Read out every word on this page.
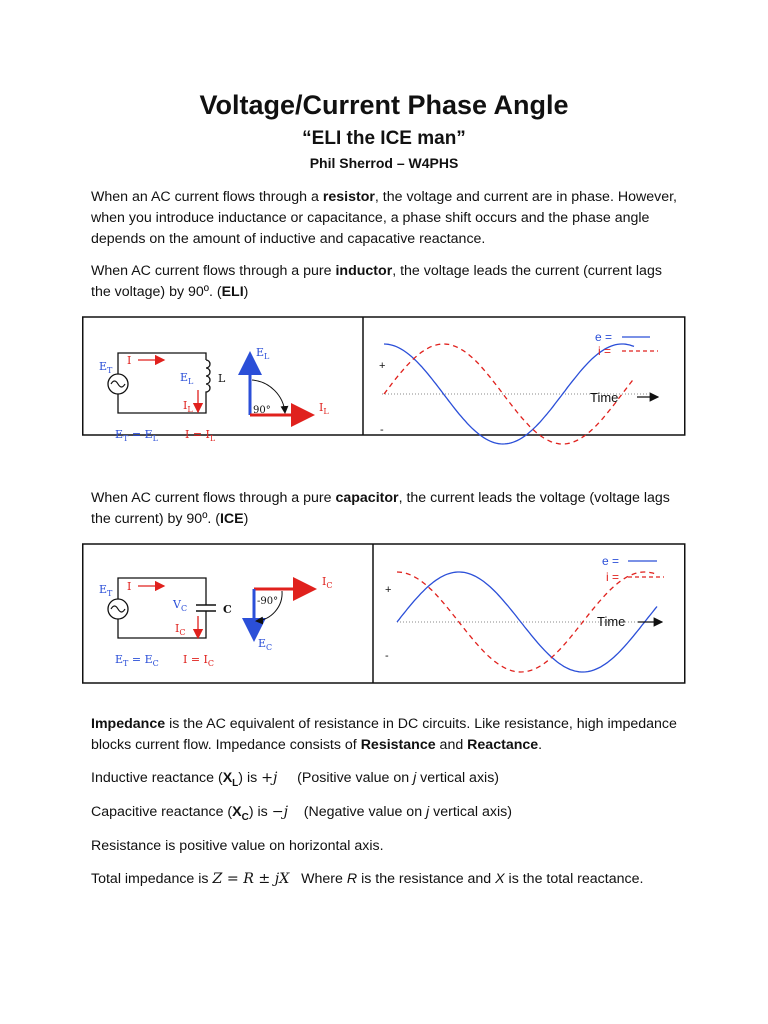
Voltage/Current Phase Angle
“ELI the ICE man”
Phil Sherrod – W4PHS
When an AC current flows through a resistor, the voltage and current are in phase. However, when you introduce inductance or capacitance, a phase shift occurs and the phase angle depends on the amount of inductive and capacative reactance.
When AC current flows through a pure inductor, the voltage leads the current (current lags the voltage) by 90º. (ELI)
$E_T$
I
$E_L$ L
$I_L$
$E_T = E_L$ $I = I_L$
$E_L$
$I_L$
90°
+
-
Time
e =
i =
When AC current flows through a pure capacitor, the current leads the voltage (voltage lags the current) by 90º. (ICE)
$E_T$
I
$V_C$	C
$I_C$
$E_T = E_C$ $I = I_C$
$I_C$
$E_C$
-90°
+
-
Time
e =
i =
Impedance is the AC equivalent of resistance in DC circuits. Like resistance, high impedance blocks current flow. Impedance consists of Resistance and Reactance.
Inductive reactance $(X_L)$ is +j     (Positive value on j vertical axis)
Capacitive reactance $(X_C)$ is −j    (Negative value on j vertical axis)
Resistance is positive value on horizontal axis.
Total impedance is Z = R ± jX   Where R is the resistance and X is the total reactance.
